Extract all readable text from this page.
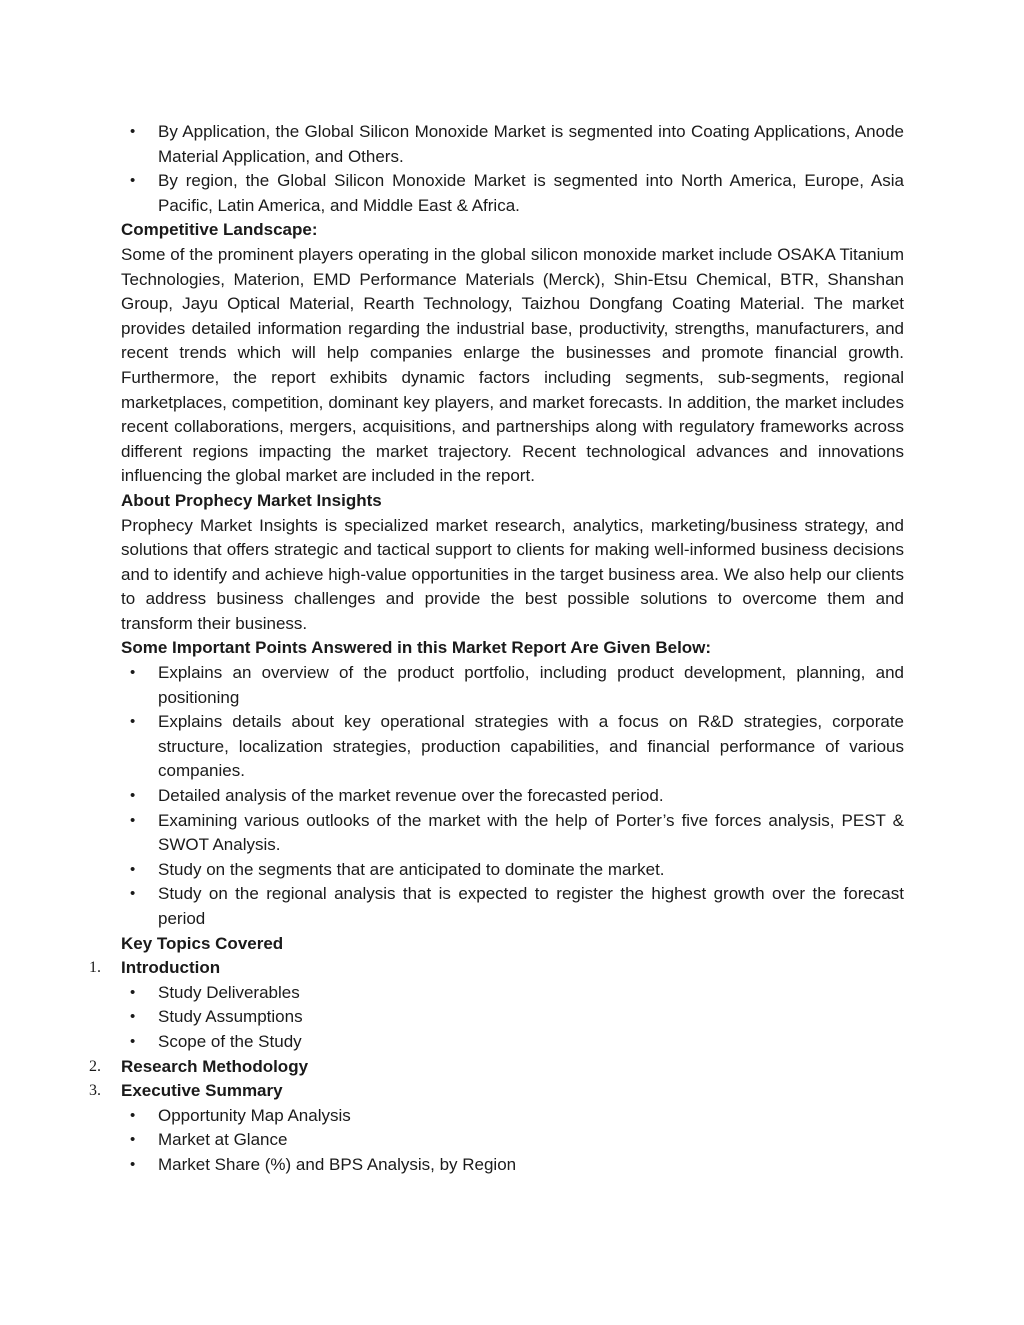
• By Application, the Global Silicon Monoxide Market is segmented into Coating Applications, Anode Material Application, and Others.
• By region, the Global Silicon Monoxide Market is segmented into North America, Europe, Asia Pacific, Latin America, and Middle East & Africa.

Competitive Landscape:

Some of the prominent players operating in the global silicon monoxide market include OSAKA Titanium Technologies, Materion, EMD Performance Materials (Merck), Shin-Etsu Chemical, BTR, Shanshan Group, Jayu Optical Material, Rearth Technology, Taizhou Dongfang Coating Material. The market provides detailed information regarding the industrial base, productivity, strengths, manufacturers, and recent trends which will help companies enlarge the businesses and promote financial growth. Furthermore, the report exhibits dynamic factors including segments, sub-segments, regional marketplaces, competition, dominant key players, and market forecasts. In addition, the market includes recent collaborations, mergers, acquisitions, and partnerships along with regulatory frameworks across different regions impacting the market trajectory. Recent technological advances and innovations influencing the global market are included in the report.

About Prophecy Market Insights

Prophecy Market Insights is specialized market research, analytics, marketing/business strategy, and solutions that offers strategic and tactical support to clients for making well-informed business decisions and to identify and achieve high-value opportunities in the target business area. We also help our clients to address business challenges and provide the best possible solutions to overcome them and transform their business.

Some Important Points Answered in this Market Report Are Given Below:

• Explains an overview of the product portfolio, including product development, planning, and positioning
• Explains details about key operational strategies with a focus on R&D strategies, corporate structure, localization strategies, production capabilities, and financial performance of various companies.
• Detailed analysis of the market revenue over the forecasted period.
• Examining various outlooks of the market with the help of Porter’s five forces analysis, PEST & SWOT Analysis.
• Study on the segments that are anticipated to dominate the market.
• Study on the regional analysis that is expected to register the highest growth over the forecast period

Key Topics Covered

1. Introduction
• Study Deliverables
• Study Assumptions
• Scope of the Study
2. Research Methodology
3. Executive Summary
• Opportunity Map Analysis
• Market at Glance
• Market Share (%) and BPS Analysis, by Region
